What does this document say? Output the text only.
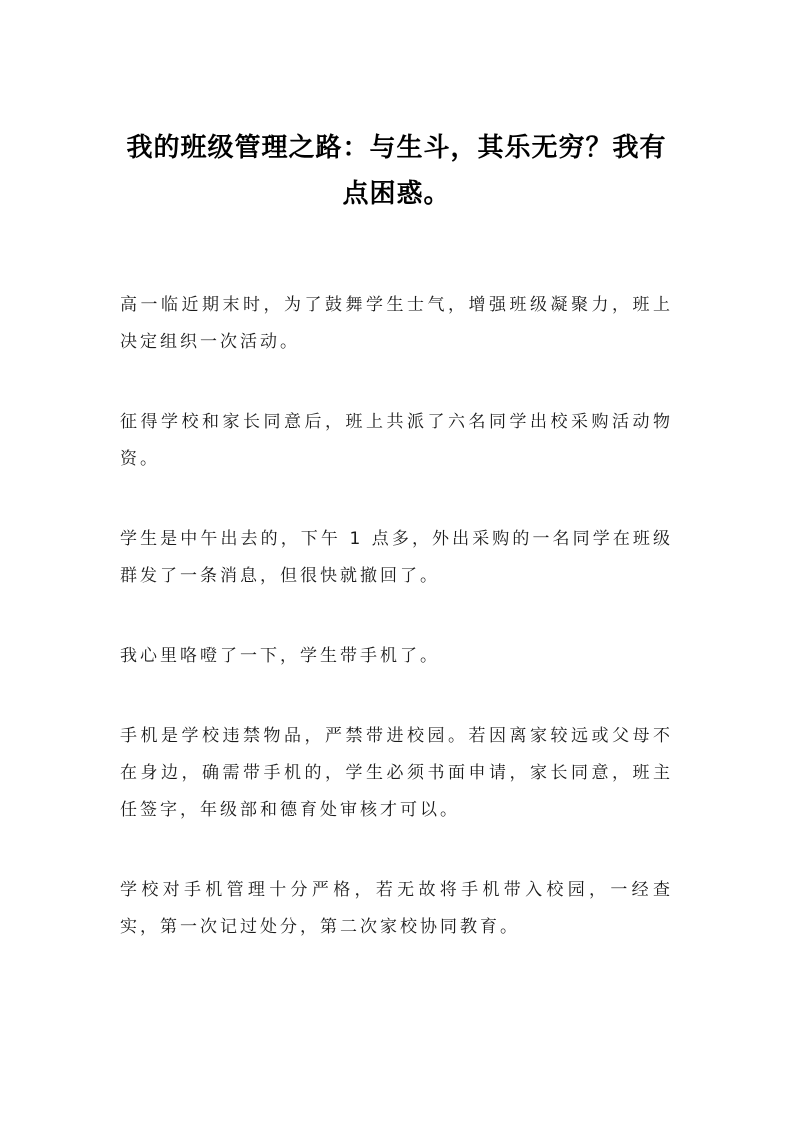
我的班级管理之路：与生斗，其乐无穷？我有点困惑。

高一临近期末时，为了鼓舞学生士气，增强班级凝聚力，班上决定组织一次活动。

征得学校和家长同意后，班上共派了六名同学出校采购活动物资。

学生是中午出去的，下午 1 点多，外出采购的一名同学在班级群发了一条消息，但很快就撤回了。

我心里咯噔了一下，学生带手机了。

手机是学校违禁物品，严禁带进校园。若因离家较远或父母不在身边，确需带手机的，学生必须书面申请，家长同意，班主任签字，年级部和德育处审核才可以。

学校对手机管理十分严格，若无故将手机带入校园，一经查实，第一次记过处分，第二次家校协同教育。
